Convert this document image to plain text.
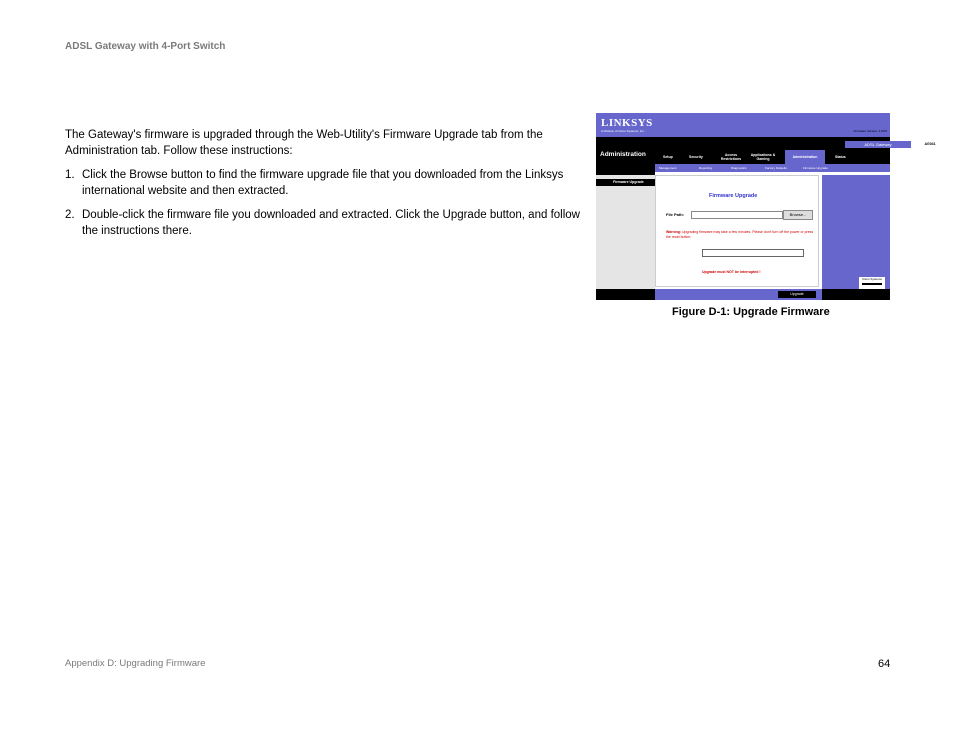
ADSL Gateway with 4-Port Switch
The Gateway's firmware is upgraded through the Web-Utility's Firmware Upgrade tab from the Administration tab. Follow these instructions:
1. Click the Browse button to find the firmware upgrade file that you downloaded from the Linksys international website and then extracted.
2. Double-click the firmware file you downloaded and extracted. Click the Upgrade button, and follow the instructions there.
LINKSYS
A Division of Cisco Systems, Inc.	Firmware Version: 1.00.5
Administration
ADSL Gateway	AG041
Setup	Security	Access Restrictions
Applications & Gaming	Administration	Status
Management	Reporting	Diagnostics	Factory Defaults	Firmware Upgrade
Firmware Upgrade
Firmware Upgrade
File Path:	Browse...
Warning: Upgrading firmware may take a few minutes. Please don't turn off the power or press the reset button.
Upgrade must NOT be interrupted !
Cisco Systems
Upgrade
Figure D-1: Upgrade Firmware
Appendix D: Upgrading Firmware	64
